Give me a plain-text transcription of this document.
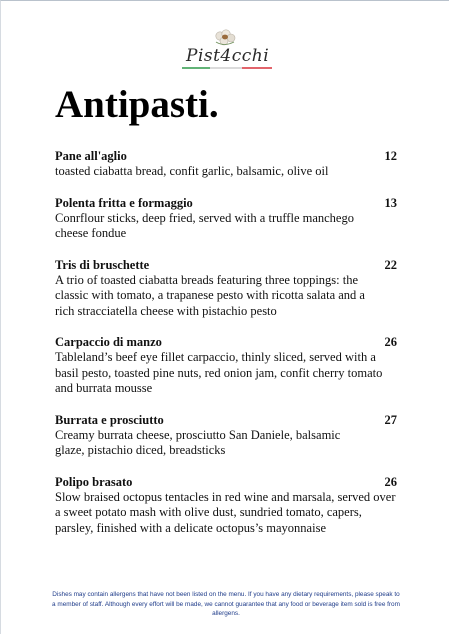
Pist4cchi
Antipasti.
Pane all'aglio	12
toasted ciabatta bread, confit garlic, balsamic, olive oil
Polenta fritta e formaggio	13
Conrflour sticks, deep fried, served with a truffle manchego cheese fondue
Tris di bruschette	22
A trio of toasted ciabatta breads featuring three toppings: the classic with tomato, a trapanese pesto with ricotta salata and a rich stracciatella cheese with pistachio pesto
Carpaccio di manzo	26
Tableland’s beef eye fillet carpaccio, thinly sliced, served with a basil pesto, toasted pine nuts, red onion jam, confit cherry tomato and burrata mousse
Burrata e prosciutto	27
Creamy burrata cheese, prosciutto San Daniele, balsamic glaze, pistachio diced, breadsticks
Polipo brasato	26
Slow braised octopus tentacles in red wine and marsala, served over a sweet potato mash with olive dust, sundried tomato, capers, parsley, finished with a delicate octopus’s mayonnaise
Dishes may contain allergens that have not been listed on the menu. If you have any dietary requirements, please speak to a member of staff. Although every effort will be made, we cannot guarantee that any food or beverage item sold is free from allergens.
